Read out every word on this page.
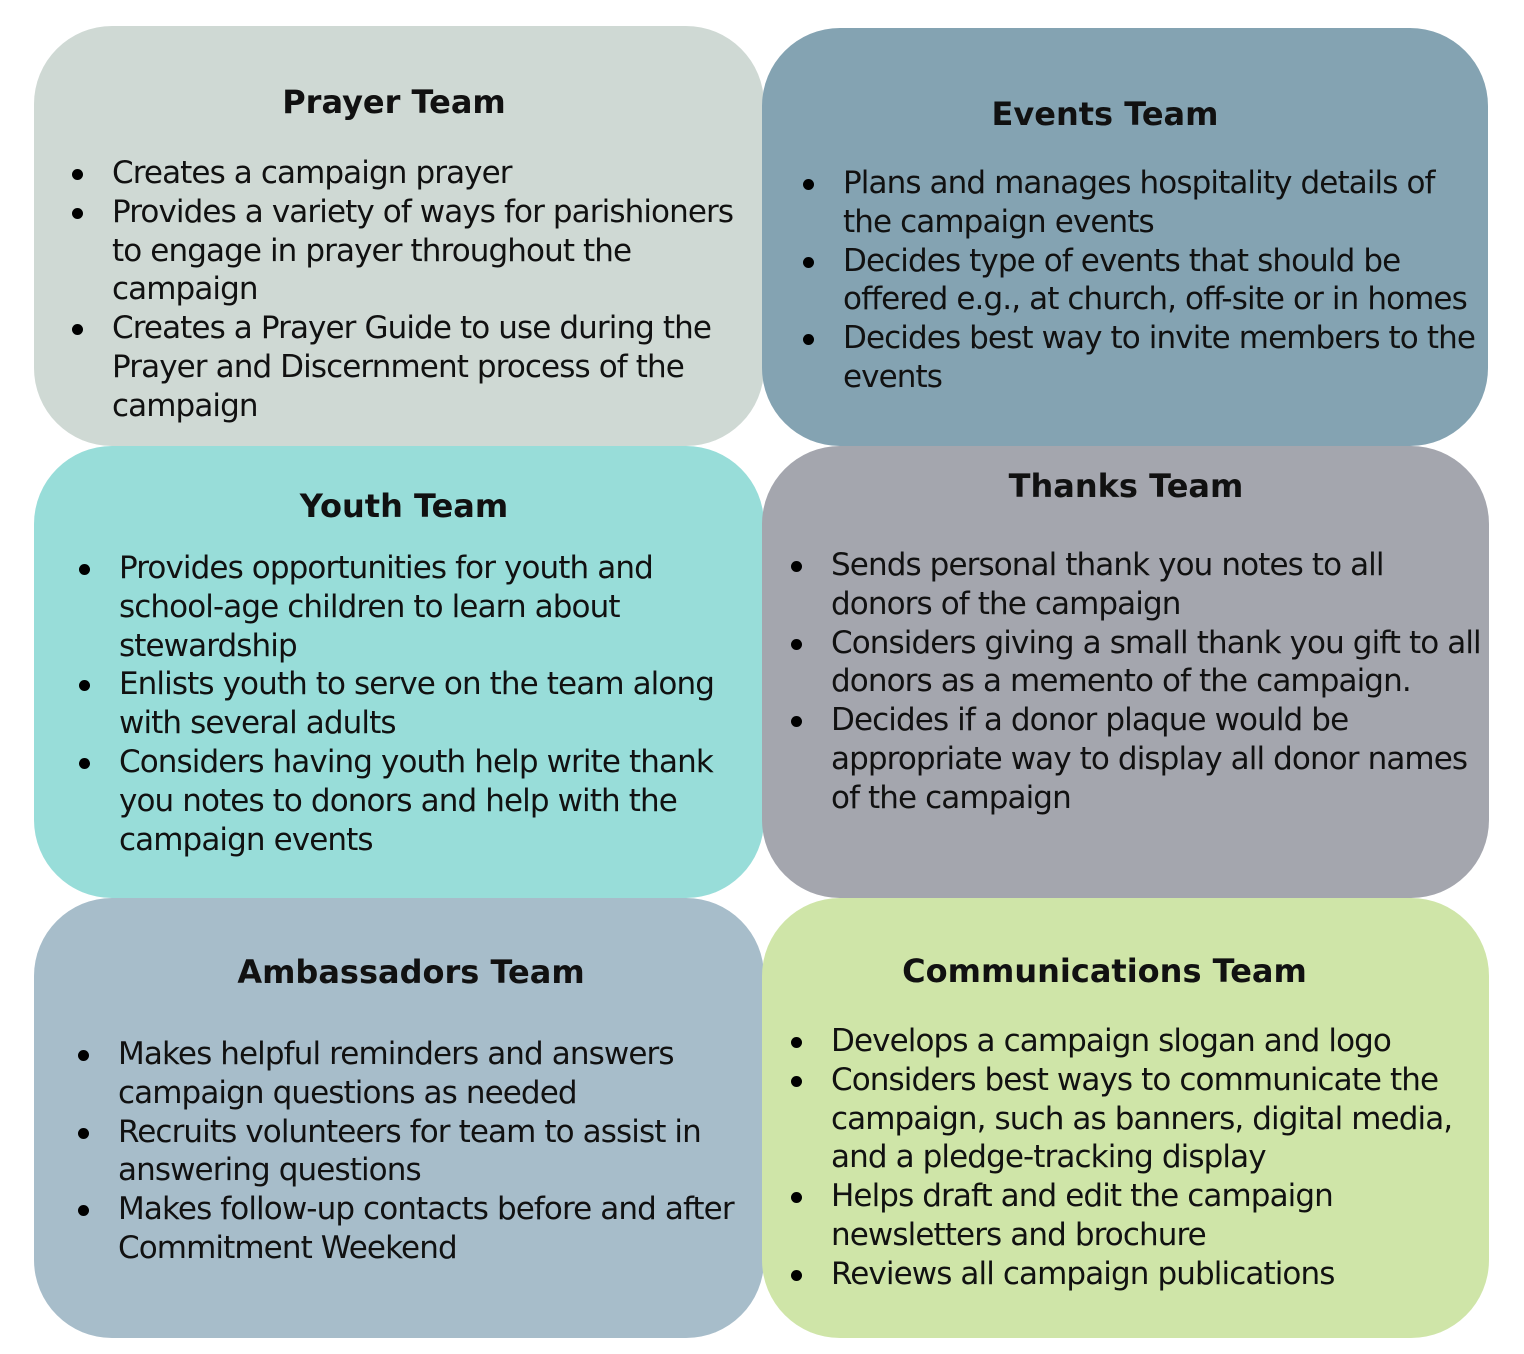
Prayer Team
Creates a campaign prayer
Provides a variety of ways for parishioners to engage in prayer throughout the campaign
Creates a Prayer Guide to use during the Prayer and Discernment process of the campaign
Events Team
Plans and manages hospitality details of the campaign events
Decides type of events that should be offered e.g., at church, off-site or in homes
Decides best way to invite members to the events
Youth Team
Provides opportunities for youth and school-age children to learn about stewardship
Enlists youth to serve on the team along with several adults
Considers having youth help write thank you notes to donors and help with the campaign events
Thanks Team
Sends personal thank you notes to all donors of the campaign
Considers giving a small thank you gift to all donors as a memento of the campaign.
Decides if a donor plaque would be appropriate way to display all donor names of the campaign
Ambassadors Team
Makes helpful reminders and answers campaign questions as needed
Recruits volunteers for team to assist in answering questions
Makes follow-up contacts before and after Commitment Weekend
Communications Team
Develops a campaign slogan and logo
Considers best ways to communicate the campaign, such as banners, digital media, and a pledge-tracking display
Helps draft and edit the campaign newsletters and brochure
Reviews all campaign publications
